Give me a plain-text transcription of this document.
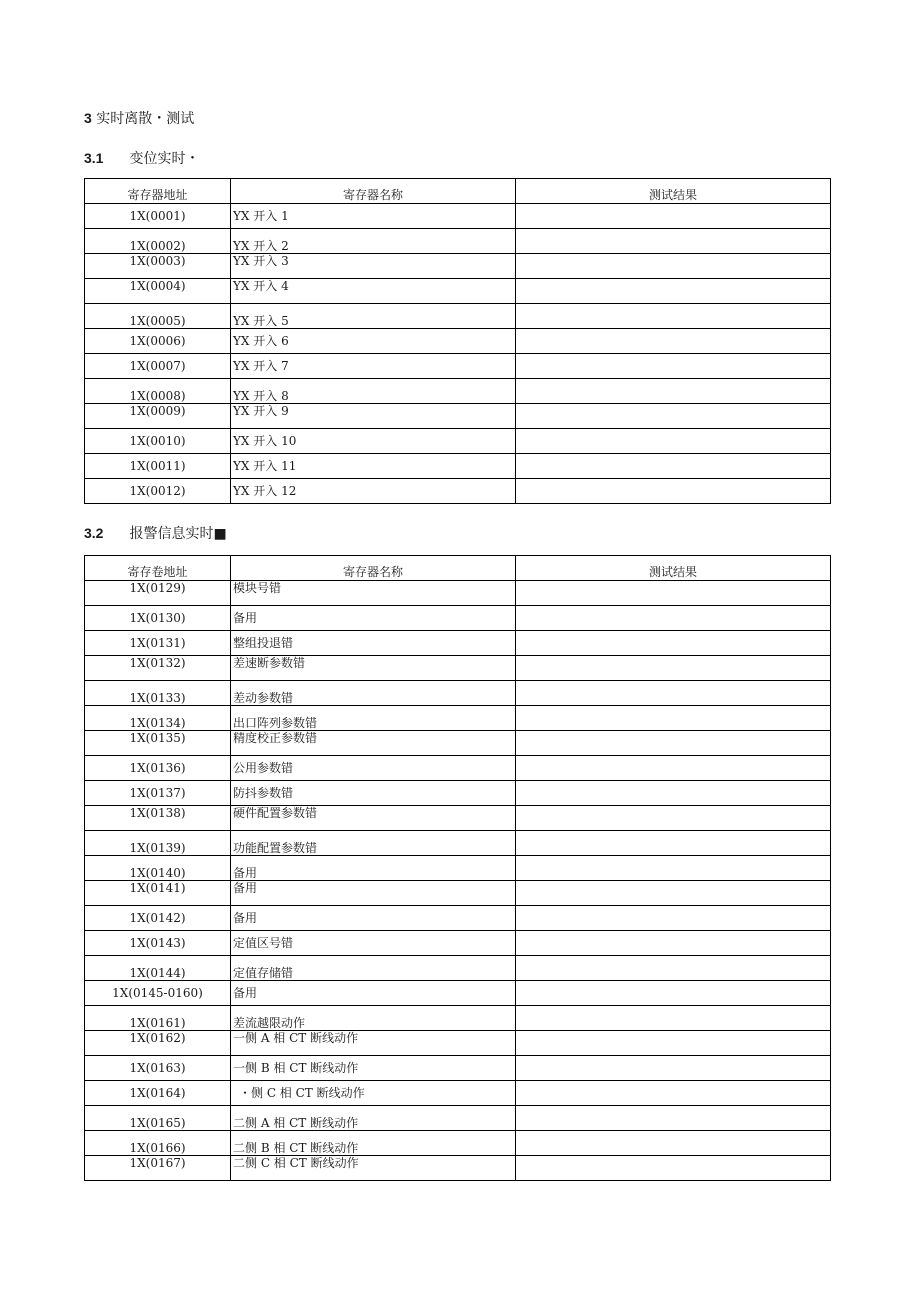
3 实时离散・测试
3.1 变位实时・
寄存器地址	寄存器名称	测试结果
1X(0001)	YX 开入 1	
1X(0002)	YX 开入 2	
1X(0003)	YX 开入 3	
1X(0004)	YX 开入 4	
1X(0005)	YX 开入 5	
1X(0006)	YX 开入 6	
1X(0007)	YX 开入 7	
1X(0008)	YX 开入 8	
1X(0009)	YX 开入 9	
1X(0010)	YX 开入 10	
1X(0011)	YX 开入 11	
1X(0012)	YX 开入 12	
3.2 报警信息实时■
寄存卷地址	寄存器名称	测试结果
1X(0129)	模块号错	
1X(0130)	备用	
1X(0131)	整组投退错	
1X(0132)	差速断参数错	
1X(0133)	差动参数错	
1X(0134)	出口阵列参数错	
1X(0135)	精度校正参数错	
1X(0136)	公用参数错	
1X(0137)	防抖参数错	
1X(0138)	硬件配置参数错	
1X(0139)	功能配置参数错	
1X(0140)	备用	
1X(0141)	备用	
1X(0142)	备用	
1X(0143)	定值区号错	
1X(0144)	定值存储错	
1X(0145-0160)	备用	
1X(0161)	差流越限动作	
1X(0162)	一侧 A 相 CT 断线动作	
1X(0163)	一侧 B 相 CT 断线动作	
1X(0164)	・侧 C 相 CT 断线动作	
1X(0165)	二侧 A 相 CT 断线动作	
1X(0166)	二侧 B 相 CT 断线动作	
1X(0167)	二侧 C 相 CT 断线动作	
